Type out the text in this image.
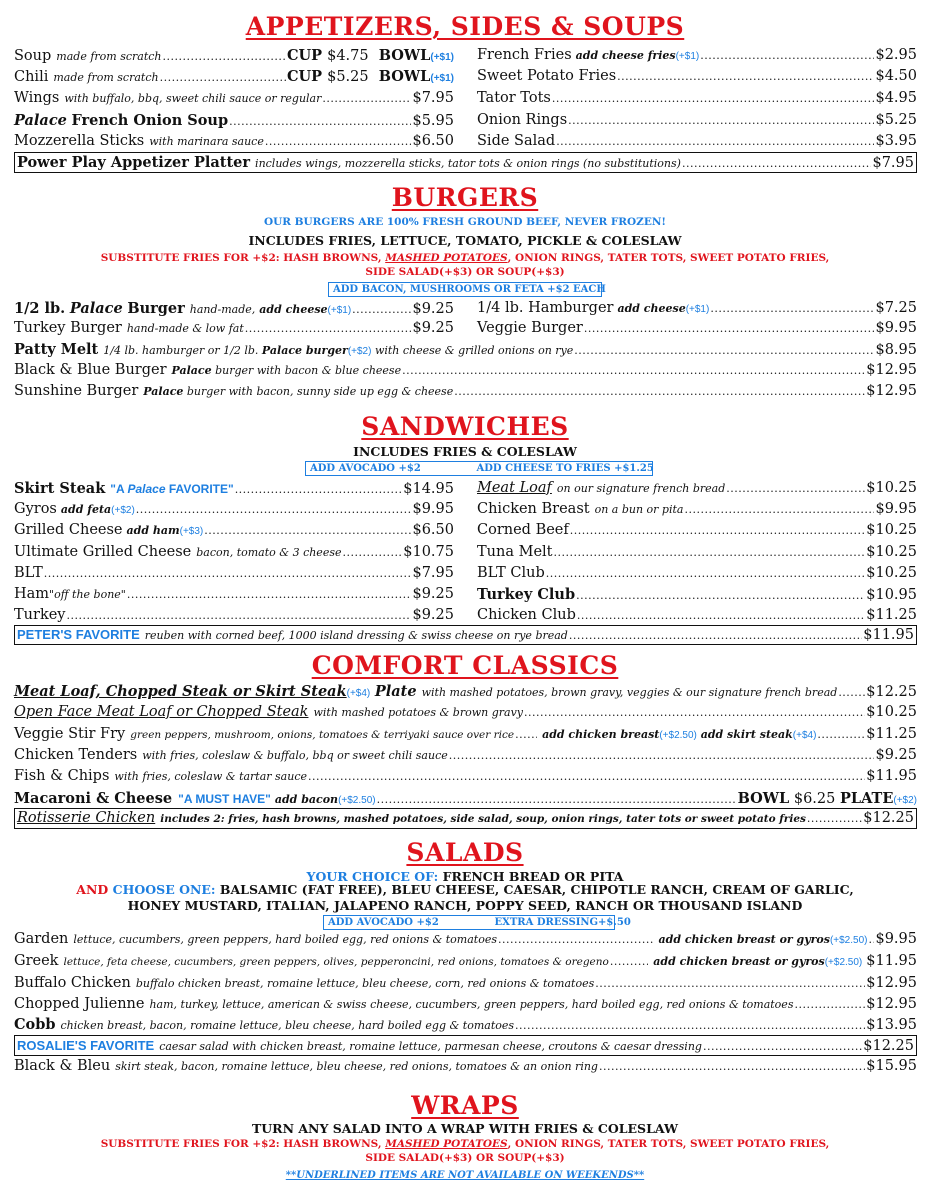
APPETIZERS, SIDES & SOUPS
Soup made from scratch .....	CUP $4.75 BOWL(+$1)
Chili made from scratch .....	CUP $5.25 BOWL(+$1)
Wings with buffalo, bbq, sweet chili sauce or regular .....	$7.95
Palace French Onion Soup .....	$5.95
Mozzerella Sticks with marinara sauce .....	$6.50
French Fries add cheese fries(+$1) .....	$2.95
Sweet Potato Fries .....	$4.50
Tator Tots .....	$4.95
Onion Rings .....	$5.25
Side Salad .....	$3.95
Power Play Appetizer Platter includes wings, mozzerella sticks, tator tots & onion rings (no substitutions) .....	$7.95
BURGERS
OUR BURGERS ARE 100% FRESH GROUND BEEF, NEVER FROZEN!
INCLUDES FRIES, LETTUCE, TOMATO, PICKLE & COLESLAW
SUBSTITUTE FRIES FOR +$2: HASH BROWNS, MASHED POTATOES, ONION RINGS, TATER TOTS, SWEET POTATO FRIES,
SIDE SALAD(+$3) OR SOUP(+$3)
ADD BACON, MUSHROOMS OR FETA +$2 EACH
1/2 lb. Palace Burger hand-made, add cheese(+$1) .....	$9.25
Turkey Burger hand-made & low fat .....	$9.25
1/4 lb. Hamburger add cheese(+$1) .....	$7.25
Veggie Burger .....	$9.95
Patty Melt 1/4 lb. hamburger or 1/2 lb. Palace burger(+$2) with cheese & grilled onions on rye .....	$8.95
Black & Blue Burger Palace burger with bacon & blue cheese .....	$12.95
Sunshine Burger Palace burger with bacon, sunny side up egg & cheese .....	$12.95
SANDWICHES
INCLUDES FRIES & COLESLAW
ADD AVOCADO +$2                ADD CHEESE TO FRIES +$1.25
Skirt Steak "A Palace FAVORITE" .....	$14.95
Gyros add feta(+$2) .....	$9.95
Grilled Cheese add ham(+$3) .....	$6.50
Ultimate Grilled Cheese bacon, tomato & 3 cheese .....	$10.75
BLT .....	$7.95
Ham "off the bone" .....	$9.25
Turkey .....	$9.25
Meat Loaf on our signature french bread .....	$10.25
Chicken Breast on a bun or pita .....	$9.95
Corned Beef .....	$10.25
Tuna Melt .....	$10.25
BLT Club .....	$10.25
Turkey Club .....	$10.95
Chicken Club .....	$11.25
PETER'S FAVORITE reuben with corned beef, 1000 island dressing & swiss cheese on rye bread .....	$11.95
COMFORT CLASSICS
Meat Loaf, Chopped Steak or Skirt Steak(+$4) Plate with mashed potatoes, brown gravy, veggies & our signature french bread ..... $12.25
Open Face Meat Loaf or Chopped Steak with mashed potatoes & brown gravy .....	$10.25
Veggie Stir Fry green peppers, mushroom, onions, tomatoes & terriyaki sauce over rice .....	add chicken breast(+$2.50) add skirt steak(+$4) .....	$11.25
Chicken Tenders with fries, coleslaw & buffalo, bbq or sweet chili sauce .....	$9.25
Fish & Chips with fries, coleslaw & tartar sauce .....	$11.95
Macaroni & Cheese "A MUST HAVE" add bacon(+$2.50) .....	BOWL $6.25 PLATE(+$2)
Rotisserie Chicken includes 2: fries, hash browns, mashed potatoes, side salad, soup, onion rings, tater tots or sweet potato fries .....	$12.25
SALADS
YOUR CHOICE OF: FRENCH BREAD OR PITA
AND CHOOSE ONE: BALSAMIC (FAT FREE), BLEU CHEESE, CAESAR, CHIPOTLE RANCH, CREAM OF GARLIC,
HONEY MUSTARD, ITALIAN, JALAPENO RANCH, POPPY SEED, RANCH OR THOUSAND ISLAND
ADD AVOCADO +$2                EXTRA DRESSING+$.50
Garden lettuce, cucumbers, green peppers, hard boiled egg, red onions & tomatoes .....	add chicken breast or gyros(+$2.50) ..... $9.95
Greek lettuce, feta cheese, cucumbers, green peppers, olives, pepperoncini, red onions, tomatoes & oregeno .....	add chicken breast or gyros(+$2.50) $11.95
Buffalo Chicken buffalo chicken breast, romaine lettuce, bleu cheese, corn, red onions & tomatoes .....	$12.95
Chopped Julienne ham, turkey, lettuce, american & swiss cheese, cucumbers, green peppers, hard boiled egg, red onions & tomatoes .....	$12.95
Cobb chicken breast, bacon, romaine lettuce, bleu cheese, hard boiled egg & tomatoes .....	$13.95
ROSALIE'S FAVORITE caesar salad with chicken breast, romaine lettuce, parmesan cheese, croutons & caesar dressing .....	$12.25
Black & Bleu skirt steak, bacon, romaine lettuce, bleu cheese, red onions, tomatoes & an onion ring .....	$15.95
WRAPS
TURN ANY SALAD INTO A WRAP WITH FRIES & COLESLAW
SUBSTITUTE FRIES FOR +$2: HASH BROWNS, MASHED POTATOES, ONION RINGS, TATER TOTS, SWEET POTATO FRIES,
SIDE SALAD(+$3) OR SOUP(+$3)
**UNDERLINED ITEMS ARE NOT AVAILABLE ON WEEKENDS**
